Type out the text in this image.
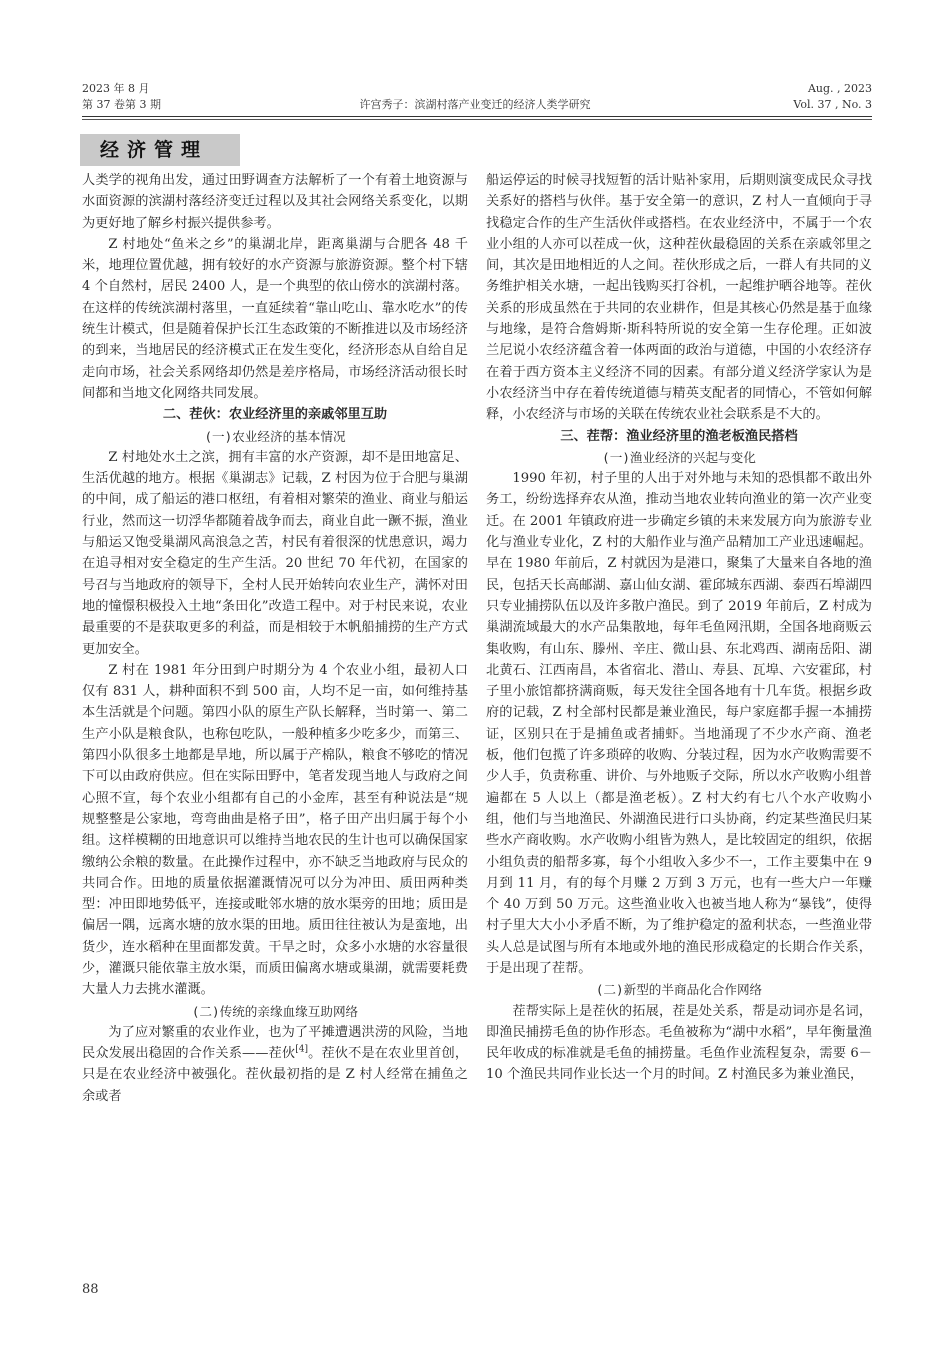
2023 年 8 月
第 37 卷第 3 期	许宫秀子：滨湖村落产业变迁的经济人类学研究
Aug. , 2023
Vol. 37 , No. 3
经济管理

人类学的视角出发，通过田野调查方法解析了一个有着土地资源与水面资源的滨湖村落经济变迁过程以及其社会网络关系变化，以期为更好地了解乡村振兴提供参考。

Z 村地处“鱼米之乡”的巢湖北岸，距离巢湖与合肥各 48 千米，地理位置优越，拥有较好的水产资源与旅游资源。整个村下辖 4 个自然村，居民 2400 人，是一个典型的依山傍水的滨湖村落。在这样的传统滨湖村落里，一直延续着“靠山吃山、靠水吃水”的传统生计模式，但是随着保护长江生态政策的不断推进以及市场经济的到来，当地居民的经济模式正在发生变化，经济形态从自给自足走向市场，社会关系网络却仍然是差序格局，市场经济活动很长时间都和当地文化网络共同发展。

二、茬伙：农业经济里的亲戚邻里互助
(一)农业经济的基本情况

Z 村地处水土之滨，拥有丰富的水产资源，却不是田地富足、生活优越的地方。根据《巢湖志》记载，Z 村因为位于合肥与巢湖的中间，成了船运的港口枢纽，有着相对繁荣的渔业、商业与船运行业，然而这一切浮华都随着战争而去，商业自此一蹶不振，渔业与船运又饱受巢湖风高浪急之苦，村民有着很深的忧患意识，竭力在追寻相对安全稳定的生产生活。20 世纪 70 年代初，在国家的号召与当地政府的领导下，全村人民开始转向农业生产，满怀对田地的憧憬积极投入土地“条田化”改造工程中。对于村民来说，农业最重要的不是获取更多的利益，而是相较于木帆船捕捞的生产方式更加安全。

Z 村在 1981 年分田到户时期分为 4 个农业小组，最初人口仅有 831 人，耕种面积不到 500 亩，人均不足一亩，如何维持基本生活就是个问题。第四小队的原生产队长解释，当时第一、第二生产小队是粮食队，也称包吃队，一般种植多少吃多少，而第三、第四小队很多土地都是旱地，所以属于产棉队，粮食不够吃的情况下可以由政府供应。但在实际田野中，笔者发现当地人与政府之间心照不宣，每个农业小组都有自己的小金库，甚至有种说法是“规规整整是公家地，弯弯曲曲是格子田”，格子田产出归属于每个小组。这样模糊的田地意识可以维持当地农民的生计也可以确保国家缴纳公余粮的数量。在此操作过程中，亦不缺乏当地政府与民众的共同合作。田地的质量依据灌溉情况可以分为冲田、质田两种类型：冲田即地势低平，连接或毗邻水塘的放水渠旁的田地；质田是偏居一隅，远离水塘的放水渠的田地。质田往往被认为是蛮地，出货少，连水稻种在里面都发黄。干旱之时，众多小水塘的水容量很少，灌溉只能依靠主放水渠，而质田偏离水塘或巢湖，就需要耗费大量人力去挑水灌溉。

(二)传统的亲缘血缘互助网络

为了应对繁重的农业作业，也为了平摊遭遇洪涝的风险，当地民众发展出稳固的合作关系——茬伙[4]。茬伙不是在农业里首创，只是在农业经济中被强化。茬伙最初指的是 Z 村人经常在捕鱼之余或者

船运停运的时候寻找短暂的活计贴补家用，后期则演变成民众寻找关系好的搭档与伙伴。基于安全第一的意识，Z 村人一直倾向于寻找稳定合作的生产生活伙伴或搭档。在农业经济中，不属于一个农业小组的人亦可以茬成一伙，这种茬伙最稳固的关系在亲戚邻里之间，其次是田地相近的人之间。茬伙形成之后，一群人有共同的义务维护相关水塘，一起出钱购买打谷机，一起维护晒谷地等。茬伙关系的形成虽然在于共同的农业耕作，但是其核心仍然是基于血缘与地缘，是符合詹姆斯·斯科特所说的安全第一生存伦理。正如波兰尼说小农经济蕴含着一体两面的政治与道德，中国的小农经济存在着于西方资本主义经济不同的因素。有部分道义经济学家认为是小农经济当中存在着传统道德与精英支配者的同情心，不管如何解释，小农经济与市场的关联在传统农业社会联系是不大的。

三、茬帮：渔业经济里的渔老板渔民搭档
(一)渔业经济的兴起与变化

1990 年初，村子里的人出于对外地与未知的恐惧都不敢出外务工，纷纷选择弃农从渔，推动当地农业转向渔业的第一次产业变迁。在 2001 年镇政府进一步确定乡镇的未来发展方向为旅游专业化与渔业专业化，Z 村的大船作业与渔产品精加工产业迅速崛起。早在 1980 年前后，Z 村就因为是港口，聚集了大量来自各地的渔民，包括天长高邮湖、嘉山仙女湖、霍邱城东西湖、泰西石埠湖四只专业捕捞队伍以及许多散户渔民。到了 2019 年前后，Z 村成为巢湖流域最大的水产品集散地，每年毛鱼网汛期，全国各地商贩云集收购，有山东、滕州、辛庄、微山县、东北鸡西、湖南岳阳、湖北黄石、江西南昌，本省宿北、潜山、寿县、瓦埠、六安霍邱，村子里小旅馆都挤满商贩，每天发往全国各地有十几车货。根据乡政府的记载，Z 村全部村民都是兼业渔民，每户家庭都手握一本捕捞证，区别只在于是捕鱼或者捕虾。当地涌现了不少水产商、渔老板，他们包揽了许多琐碎的收购、分装过程，因为水产收购需要不少人手，负责称重、讲价、与外地贩子交际，所以水产收购小组普遍都在 5 人以上（都是渔老板）。Z 村大约有七八个水产收购小组，他们与当地渔民、外湖渔民进行口头协商，约定某些渔民归某些水产商收购。水产收购小组皆为熟人，是比较固定的组织，依据小组负责的船帮多寡，每个小组收入多少不一，工作主要集中在 9 月到 11 月，有的每个月赚 2 万到 3 万元，也有一些大户一年赚个 40 万到 50 万元。这些渔业收入也被当地人称为“暴钱”，使得村子里大大小小矛盾不断，为了维护稳定的盈利状态，一些渔业带头人总是试图与所有本地或外地的渔民形成稳定的长期合作关系，于是出现了茬帮。

(二)新型的半商品化合作网络

茬帮实际上是茬伙的拓展，茬是处关系，帮是动词亦是名词，即渔民捕捞毛鱼的协作形态。毛鱼被称为“湖中水稻”，早年衡量渔民年收成的标准就是毛鱼的捕捞量。毛鱼作业流程复杂，需要 6－10 个渔民共同作业长达一个月的时间。Z 村渔民多为兼业渔民，

88
